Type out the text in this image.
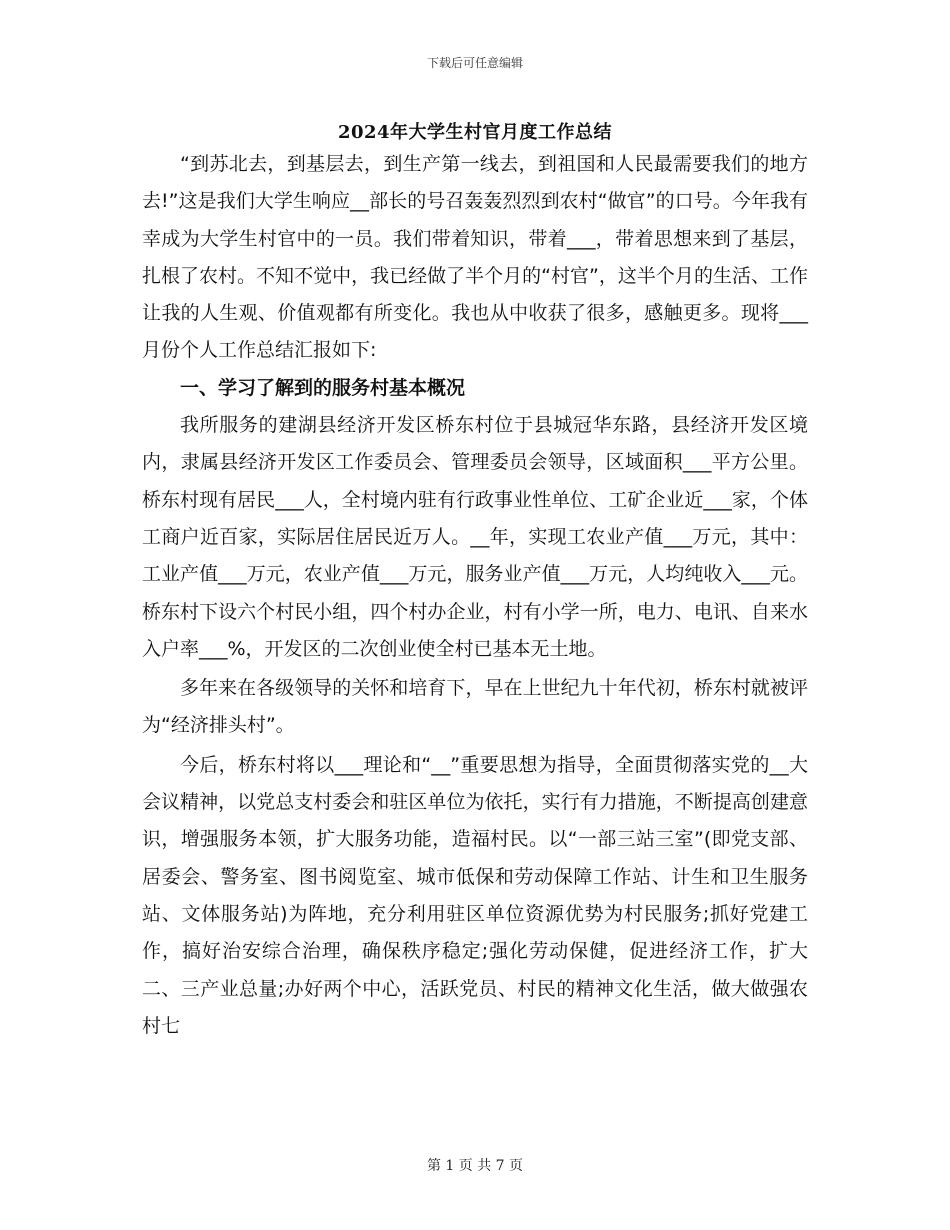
下载后可任意编辑
2024年大学生村官月度工作总结

“到苏北去，到基层去，到生产第一线去，到祖国和人民最需要我们的地方去!”这是我们大学生响应__部长的号召轰轰烈烈到农村“做官”的口号。今年我有幸成为大学生村官中的一员。我们带着知识，带着___，带着思想来到了基层，扎根了农村。不知不觉中，我已经做了半个月的“村官”，这半个月的生活、工作让我的人生观、价值观都有所变化。我也从中收获了很多，感触更多。现将___月份个人工作总结汇报如下:

一、学习了解到的服务村基本概况

我所服务的建湖县经济开发区桥东村位于县城冠华东路，县经济开发区境内，隶属县经济开发区工作委员会、管理委员会领导，区域面积___平方公里。桥东村现有居民___人，全村境内驻有行政事业性单位、工矿企业近___家，个体工商户近百家，实际居住居民近万人。__年，实现工农业产值___万元，其中：工业产值___万元，农业产值___万元，服务业产值___万元，人均纯收入___元。桥东村下设六个村民小组，四个村办企业，村有小学一所，电力、电讯、自来水入户率___%，开发区的二次创业使全村已基本无土地。

多年来在各级领导的关怀和培育下，早在上世纪九十年代初，桥东村就被评为“经济排头村”。

今后，桥东村将以___理论和“__”重要思想为指导，全面贯彻落实党的__大会议精神，以党总支村委会和驻区单位为依托，实行有力措施，不断提高创建意识，增强服务本领，扩大服务功能，造福村民。以“一部三站三室”(即党支部、居委会、警务室、图书阅览室、城市低保和劳动保障工作站、计生和卫生服务站、文体服务站)为阵地，充分利用驻区单位资源优势为村民服务;抓好党建工作，搞好治安综合治理，确保秩序稳定;强化劳动保健，促进经济工作，扩大二、三产业总量;办好两个中心，活跃党员、村民的精神文化生活，做大做强农村七

第 1 页 共 7 页
